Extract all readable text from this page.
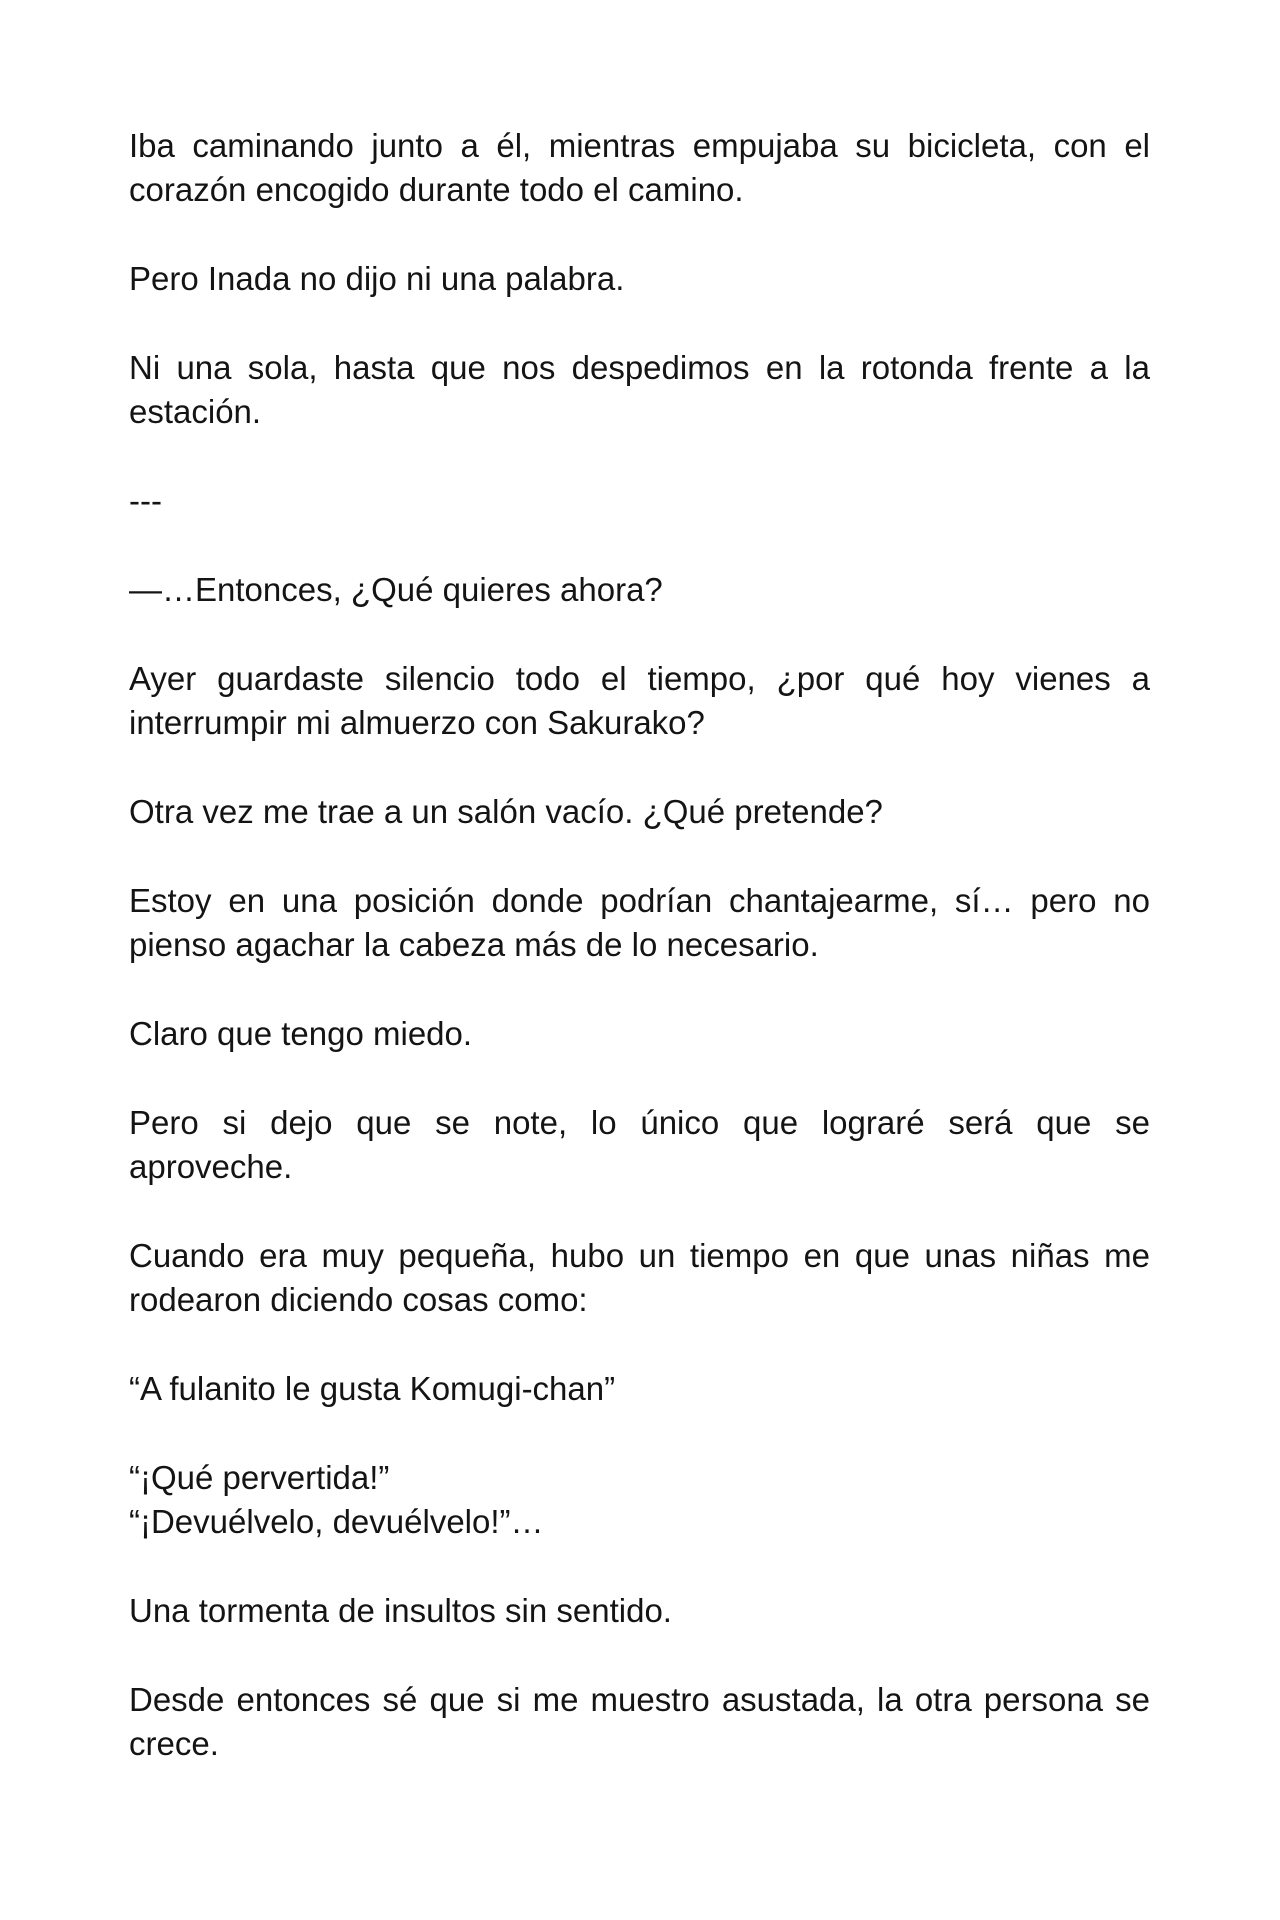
Iba caminando junto a él, mientras empujaba su bicicleta, con el
corazón encogido durante todo el camino.

Pero Inada no dijo ni una palabra.

Ni una sola, hasta que nos despedimos en la rotonda frente a la
estación.

---

—…Entonces, ¿Qué quieres ahora?

Ayer guardaste silencio todo el tiempo, ¿por qué hoy vienes a
interrumpir mi almuerzo con Sakurako?

Otra vez me trae a un salón vacío. ¿Qué pretende?

Estoy en una posición donde podrían chantajearme, sí… pero no
pienso agachar la cabeza más de lo necesario.

Claro que tengo miedo.

Pero si dejo que se note, lo único que lograré será que se
aproveche.

Cuando era muy pequeña, hubo un tiempo en que unas niñas me
rodearon diciendo cosas como:

“A fulanito le gusta Komugi-chan”

“¡Qué pervertida!”
“¡Devuélvelo, devuélvelo!”…

Una tormenta de insultos sin sentido.

Desde entonces sé que si me muestro asustada, la otra persona se
crece.
